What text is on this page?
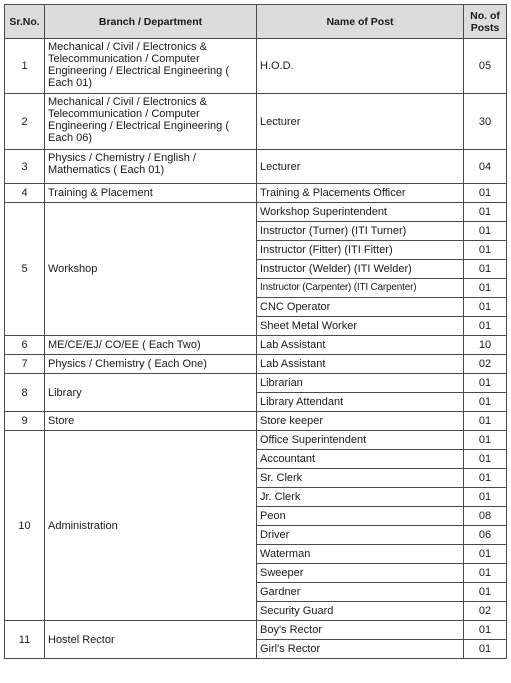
Sr.No.	Branch / Department	Name of Post	No. of
Posts

1	Mechanical / Civil / Electronics & Telecommunication / Computer Engineering / Electrical Engineering ( Each 01)	H.O.D.	05
2	Mechanical / Civil / Electronics & Telecommunication / Computer Engineering / Electrical Engineering ( Each 06)	Lecturer	30
3	Physics / Chemistry / English / Mathematics ( Each 01)	Lecturer	04
4	Training & Placement	Training & Placements Officer	01
5	Workshop	Workshop Superintendent	01
		Instructor (Turner) (ITI Turner)	01
		Instructor (Fitter) (ITI Fitter)	01
		Instructor (Welder) (ITI Welder)	01
		Instructor (Carpenter) (ITI Carpenter)	01
		CNC Operator	01
		Sheet Metal Worker	01
6	ME/CE/EJ/ CO/EE ( Each Two)	Lab Assistant	10
7	Physics / Chemistry ( Each One)	Lab Assistant	02
8	Library	Librarian	01
		Library Attendant	01
9	Store	Store keeper	01
10	Administration	Office Superintendent	01
		Accountant	01
		Sr. Clerk	01
		Jr. Clerk	01
		Peon	08
		Driver	06
		Waterman	01
		Sweeper	01
		Gardner	01
		Security Guard	02
11	Hostel Rector	Boy's Rector	01
		Girl's Rector	01
